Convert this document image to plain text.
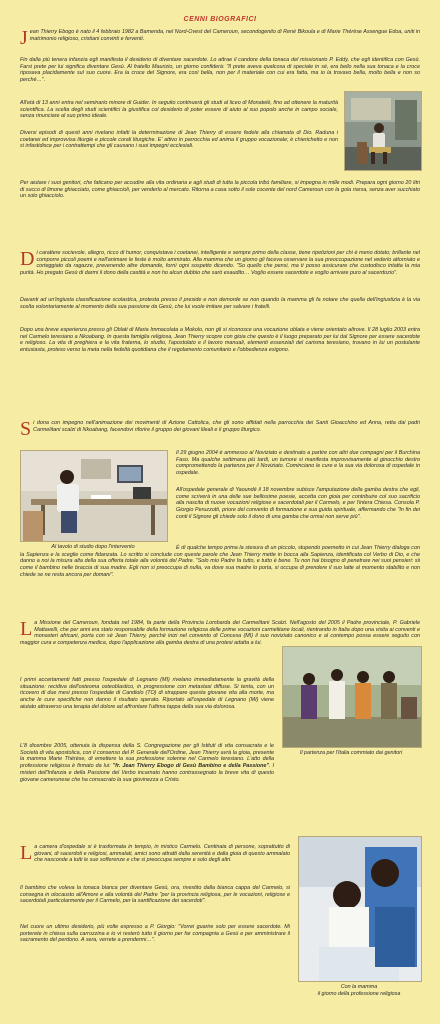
CENNI BIOGRAFICI

Jean Thierry Ebogo è nato il 4 febbraio 1982 a Bamenda, nel Nord-Ovest del Cameroun, secondogenito di René Bikoula e di Marie Thérèse Assengue Edoa, uniti in matrimonio religioso, cristiani convinti e ferventi.

Fin dalla più tenera infanzia egli manifesta il desiderio di diventare sacerdote. Lo attrae il candore della tonaca del missionario P. Eddy, che egli identifica con Gesù. Farsi prete per lui significa diventare Gesù. Al fratello Maurizio, un giorno confiderà: "Il prete aveva qualcosa di speciale in sé, era bello nella sua tonaca e la croce riposava placidamente sul suo cuore. Era la croce del Signore, era così bella, non per il materiale con cui era fatta, ma io la trovavo bella, molto bella e non so perché…".

All'età di 13 anni entra nel seminario minore di Guider. In seguito continuerà gli studi al liceo di Monatelé, fino ad ottenere la maturità scientifica. La scelta degli studi scientifici la giustifica col desiderio di poter essere di aiuto al suo popolo anche in campo sociale, senza rinunciare al suo primo ideale.

Diversi episodi di questi anni rivelano infatti la determinazione di Jean Thierry di essere fedele alla chiamata di Dio. Raduna i coetanei ed improvvisa liturgie e piccole corali liturgiche. E' attivo in parrocchia ed anima il gruppo vocazionale; è chierichetto e non si infastidisce per i contrattempi che gli causano i suoi impegni ecclesiali.

Per aiutare i suoi genitori, che faticano per accudire alla vita ordinaria e agli studi di tutta la piccola tribù familiare, si impegna in mille modi. Prepara ogni giorno 20 litri di succo di limone ghiacciato, come ghiaccioli, per venderlo al mercato. Ritorna a casa sotto il sole cocente del nord Cameroun con la gola riarsa, senza aver succhiato un solo ghiacciolo.

Di carattere socievole, allegro, ricco di humor, conquistava i coetanei, intelligente e sempre primo della classe, tiene ripetizioni per chi è meno dotato; brillante nel comporre piccoli poemi e nell'animare le feste è molto ammirato. Alla mamma che un giorno gli faceva osservare la sua preoccupazione nel vederlo attorniato e corteggiato da ragazze, prevenendo altre domande, fornì ogni sospetto dicendo. "So quello che pensi, ma ti posso assicurare che custodisco intatta la mia purità. Ho pregato Gesù di darmi il dono della castità e non ho alcun dubbio che sarò esaudito… Voglio essere sacerdote e voglio arrivare puro al sacerdozio".

Davanti ad un'ingiusta classificazione scolastica, protesta presso il preside e non demorde se non quando la mamma gli fa notare che quella dell'ingiustizia è la via scelta volontariamente al momento della sua passione da Gesù, che lui vuole imitare per salvare i fratelli.

Dopo una breve esperienza presso gli Oblati di Maria Immacolata a Mokolo, non gli si riconosce una vocazione oblata e viene orientato altrove. Il 28 luglio 2003 entra nel Carmelo teresiano a Nkoabang. In questa famiglia religiosa, Jean Thierry scopre con gioia che questo è il luogo preparato per lui dal Signore per essere sacerdote e religioso. La vita di preghiera e la vita fraterna, lo studio, l'apostolato e il lavoro manuali, elementi essenziali del carisma teresiano, trovano in lui un postulante entusiasta, proteso verso la meta nella fedeltà quotidiana che il regolamento comunitario e l'obbedienza esigono.

Si dona con impegno nell'animazione dei movimenti di Azione Cattolica, che gli sono affidati nella parrocchia dei Santi Gioacchino ed Anna, retta dai padri Carmelitani scalzi di Nkoabang, facendovi riforire il gruppo dei giovani lileali e il gruppo liturgico.

Al tavolo di studio dopo l'intervento

Il 29 giugno 2004 è ammesso al Noviziato e destinato a partire con altri due compagni per il Burchina Faso. Ma qualche settimana più tardi, un tumore si manifesta improvvisamente al ginocchio destro compromettendo la partenza per il Noviziato. Cominciano le cure e la sua via dolorosa di ospedale in ospedale.

All'ospedale generale di Yaoundé il 18 novembre subisce l'amputazione della gamba destra che egli, come scriverà in una delle sue bellissime poesie, accetta con gioia per contribuire col suo sacrificio alla nascita di nuove vocazioni religiose e sacerdotali per il Carmelo, e per l'intera Chiesa. Consola P. Giorgio Peruzzotti, priore del convento di formazione e sua guida spirituale, affermando che "In fin dei conti il Signore gli chiede solo il dono di una gamba che ormai non serve più".

È di qualche tempo prima la stesura di un piccolo, stupendo poemetto in cui Jean Thierry dialoga con la Sapienza e la sceglie come fidanzata. Lo scritto si conclude con queste parole che Jean Thierry mette in bocca alla Sapienza, identificata col Verbo di Dio, e che danno a noi la misura alta della sua offerta totale alla volontà del Padre. "Solo mio Padre fa tutto, e tutto è bene. Tu non hai bisogno di penetrare nei suoi pensieri: sii come il bambino nelle braccia di sua madre. Egli non si preoccupa di nulla, va dove sua madre lo porta, si occupa di prendere il suo latte al momento stabilito e non chiede se ne resta ancora per domani".

La Missione del Cameroun, fondata nel 1984, fa parte della Provincia Lombarda dei Carmelitani Scalzi. Nell'agosto del 2005 il Padre provinciale, P. Gabriele Mattavelli, che per anni era stato responsabile della formazione religiosa delle prime vocazioni carmelitane locali, rientrando in Italia dopo una visita ai conventi e monasteri africani, porta con sé Jean Thierry, perché inizi nel convento di Concesa (MI) il suo noviziato canonico e al contempo possa essere seguito con maggior cura e competenza medica, dopo l'applicazione alla gamba destra di una protesi adatta a lui.

Il partenza per l'Italia commiato dai genitori

I primi accertamenti fatti presso l'ospedale di Legnano (MI) rivelano immediatamente la gravità della situazione: recidiva dell'osteoma osteoblastico, in progressione con metastasi diffuse. Si tenta, con un ricovero di due mesi presso l'ospedale di Candiolo (TO) di strappare questa giovane vita alla morte, ma anche le cure specifiche non danno il risultato sperato. Riportato all'ospedale di Legnano (MI) viene aiutato attraverso una terapia del dolore ad affrontare l'ultima tappa della sua via dolorosa.

L'8 dicembre 2005, ottenuta la dispensa della S. Congregazione per gli Istituti di vita consacrata e le Società di vita apostolica, con il consenso del P. Generale dell'Ordine, Jean Thierry avrà la gioia, presente la mamma Marie Thérèse, di emettere la sua professione solenne nel Carmelo teresiano. L'atto della professione religiosa è firmato da lui: "fr. Jean Thierry Ebogo di Gesù Bambino e della Passione". I misteri dell'Infanzia e della Passione del Verbo incarnato hanno contrassegnato la breve vita di questo giovane camerunese che ha consacrato la sua giovinezza a Cristo.

La camera d'ospedale si è trasformata in tempio, in mistico Carmelo. Centinaia di persone, soprattutto di giovani, di sacerdoti e religiosi, ammalati, amici sono attratti dalla serenità e dalla gioia di questo ammalato che nasconde a tutti le sue sofferenze e che si preoccupa sempre e solo degli altri.

Il bambino che voleva la tonaca bianca per diventare Gesù, ora, rivestito dalla bianca cappa del Carmelo, si consegna in olocausto all'Amore e alla volontà del Padre "per la provincia religiosa, per le vocazioni, religiose e sacerdotali particolarmente per il Carmelo, per la santificazione dei sacerdoti".

Nel cuore un ultimo desiderio, più volte espresso a P. Giorgio: "Vorrei guarire solo per essere sacerdote. Mi porterete in chiesa sulla carrozzina e io vi resterò tutto il giorno per far compagnia a Gesù e per amministrare il sacramento del perdono. A sera, verrete a prendermi…".

Con la mamma
il giorno della professione religiosa
